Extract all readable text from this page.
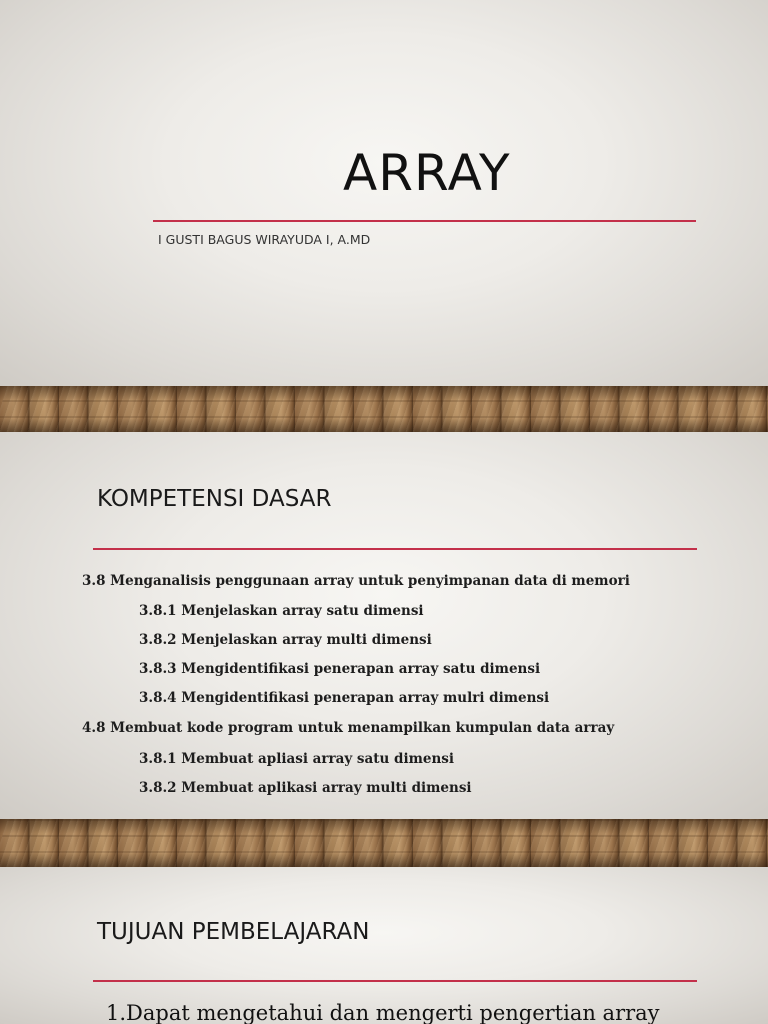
ARRAY
I GUSTI BAGUS WIRAYUDA I, A.MD
KOMPETENSI DASAR
3.8 Menganalisis penggunaan array untuk penyimpanan data di memori
3.8.1 Menjelaskan array satu dimensi
3.8.2 Menjelaskan array multi dimensi
3.8.3 Mengidentifikasi penerapan array satu dimensi
3.8.4 Mengidentifikasi penerapan array mulri dimensi
4.8 Membuat kode program untuk menampilkan kumpulan data array
3.8.1 Membuat apliasi array satu dimensi
3.8.2 Membuat aplikasi array multi dimensi
TUJUAN PEMBELAJARAN
1.Dapat mengetahui dan mengerti pengertian array
